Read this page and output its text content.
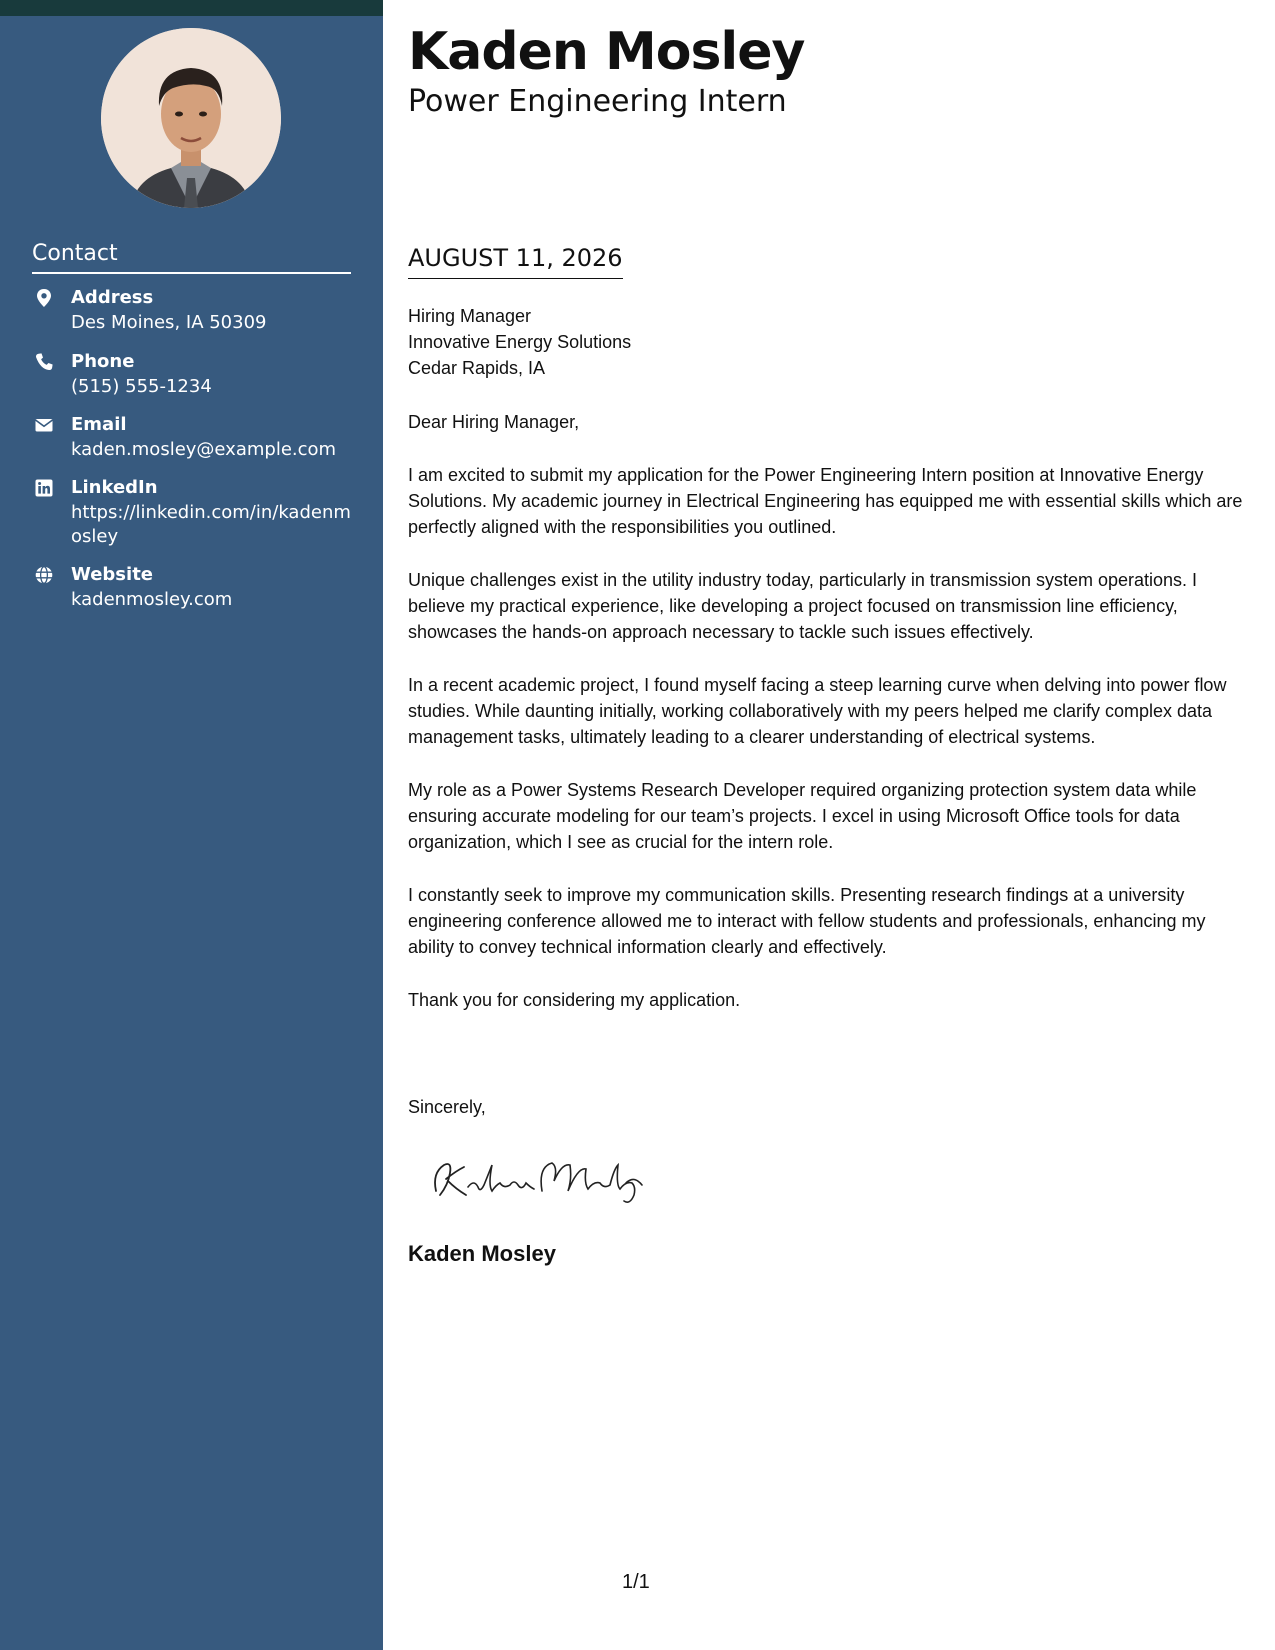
Contact
Address
Des Moines, IA 50309
Phone
(515) 555-1234
Email
kaden.mosley@example.com
LinkedIn
https://linkedin.com/in/kadenmosley
Website
kadenmosley.com
Kaden Mosley
Power Engineering Intern
AUGUST 11, 2026
Hiring Manager
Innovative Energy Solutions
Cedar Rapids, IA

Dear Hiring Manager,

I am excited to submit my application for the Power Engineering Intern position at Innovative Energy Solutions. My academic journey in Electrical Engineering has equipped me with essential skills which are perfectly aligned with the responsibilities you outlined.

Unique challenges exist in the utility industry today, particularly in transmission system operations. I believe my practical experience, like developing a project focused on transmission line efficiency, showcases the hands-on approach necessary to tackle such issues effectively.

In a recent academic project, I found myself facing a steep learning curve when delving into power flow studies. While daunting initially, working collaboratively with my peers helped me clarify complex data management tasks, ultimately leading to a clearer understanding of electrical systems.

My role as a Power Systems Research Developer required organizing protection system data while ensuring accurate modeling for our team’s projects. I excel in using Microsoft Office tools for data organization, which I see as crucial for the intern role.

I constantly seek to improve my communication skills. Presenting research findings at a university engineering conference allowed me to interact with fellow students and professionals, enhancing my ability to convey technical information clearly and effectively.

Thank you for considering my application.

Sincerely,
Kaden Mosley
1/1
